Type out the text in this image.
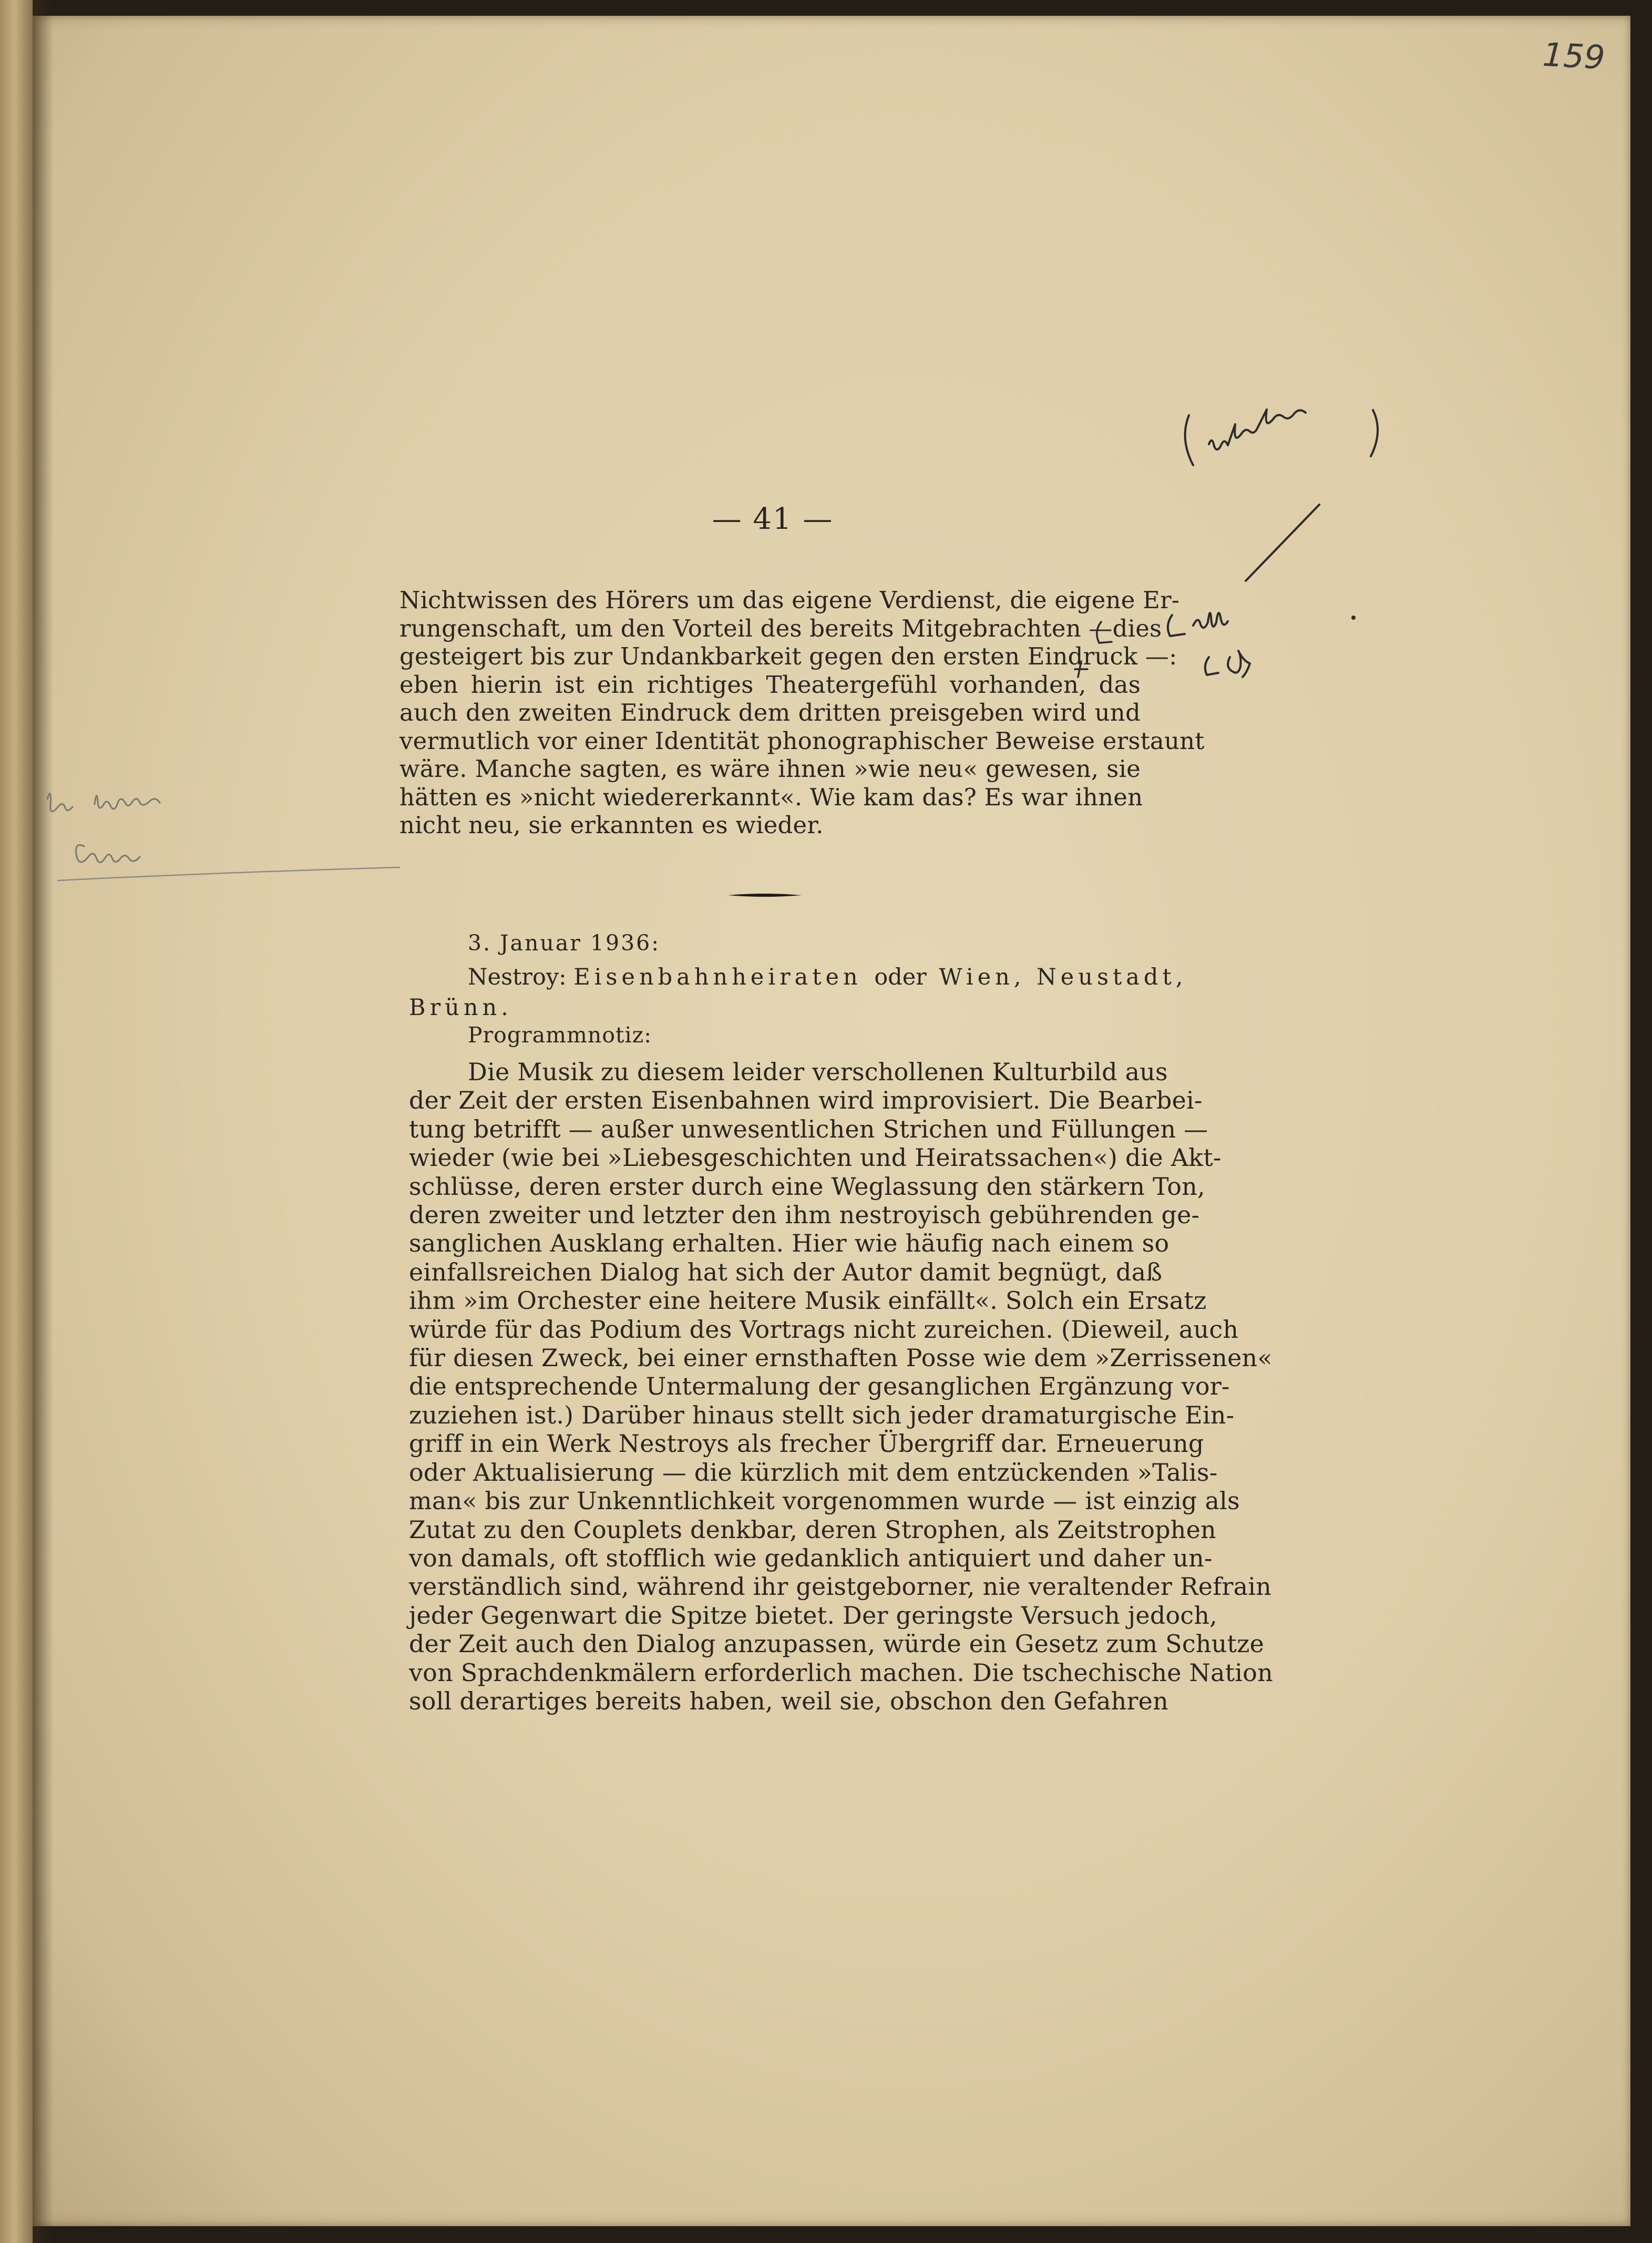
159
— 41 —
Nichtwissen des Hörers um das eigene Verdienst, die eigene Er-
rungenschaft, um den Vorteil des bereits Mitgebrachten —dies
gesteigert bis zur Undankbarkeit gegen den ersten Eindruck —:
eben hierin ist ein richtiges Theatergefühl vorhanden, das
auch den zweiten Eindruck dem dritten preisgeben wird und
vermutlich vor einer Identität phonographischer Beweise erstaunt
wäre. Manche sagten, es wäre ihnen »wie neu« gewesen, sie
hätten es »nicht wiedererkannt«. Wie kam das? Es war ihnen
nicht neu, sie erkannten es wieder.
3. Januar 1936:
Nestroy: Eisenbahnheiraten oder Wien, Neustadt,
Brünn.
Programmnotiz:
Die Musik zu diesem leider verschollenen Kulturbild aus
der Zeit der ersten Eisenbahnen wird improvisiert. Die Bearbei-
tung betrifft — außer unwesentlichen Strichen und Füllungen —
wieder (wie bei »Liebesgeschichten und Heiratssachen«) die Akt-
schlüsse, deren erster durch eine Weglassung den stärkern Ton,
deren zweiter und letzter den ihm nestroyisch gebührenden ge-
sanglichen Ausklang erhalten. Hier wie häufig nach einem so
einfallsreichen Dialog hat sich der Autor damit begnügt, daß
ihm »im Orchester eine heitere Musik einfällt«. Solch ein Ersatz
würde für das Podium des Vortrags nicht zureichen. (Dieweil, auch
für diesen Zweck, bei einer ernsthaften Posse wie dem »Zerrissenen«
die entsprechende Untermalung der gesanglichen Ergänzung vor-
zuziehen ist.) Darüber hinaus stellt sich jeder dramaturgische Ein-
griff in ein Werk Nestroys als frecher Übergriff dar. Erneuerung
oder Aktualisierung — die kürzlich mit dem entzückenden »Talis-
man« bis zur Unkenntlichkeit vorgenommen wurde — ist einzig als
Zutat zu den Couplets denkbar, deren Strophen, als Zeitstrophen
von damals, oft stofflich wie gedanklich antiquiert und daher un-
verständlich sind, während ihr geistgeborner, nie veraltender Refrain
jeder Gegenwart die Spitze bietet. Der geringste Versuch jedoch,
der Zeit auch den Dialog anzupassen, würde ein Gesetz zum Schutze
von Sprachdenkmälern erforderlich machen. Die tschechische Nation
soll derartiges bereits haben, weil sie, obschon den Gefahren
